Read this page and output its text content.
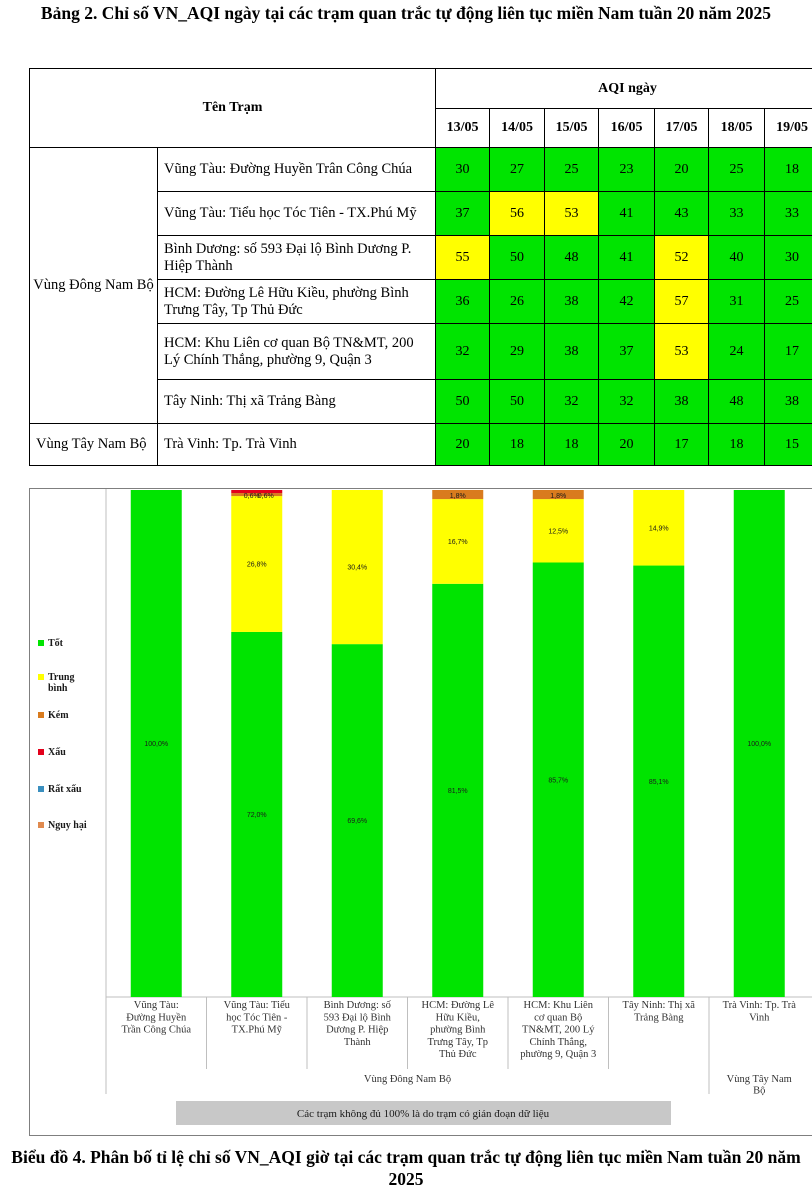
Bảng 2. Chỉ số VN_AQI ngày tại các trạm quan trắc tự động liên tục miền Nam tuần 20 năm 2025
Tên Trạm		AQI ngày						
		13/05	14/05	15/05	16/05	17/05	18/05	19/05
Vùng Đông Nam Bộ	Vũng Tàu: Đường Huyền Trân Công Chúa	30	27	25	23	20	25	18
	Vũng Tàu: Tiểu học Tóc Tiên - TX.Phú Mỹ	37	56	53	41	43	33	33
	Bình Dương: số 593 Đại lộ Bình Dương P. Hiệp Thành	55	50	48	41	52	40	30
	HCM: Đường Lê Hữu Kiều, phường Bình Trưng Tây, Tp Thủ Đức	36	26	38	42	57	31	25
	HCM: Khu Liên cơ quan Bộ TN&MT, 200 Lý Chính Thắng, phường 9, Quận 3	32	29	38	37	53	24	17
	Tây Ninh: Thị xã Trảng Bàng	50	50	32	32	38	48	38
Vùng Tây Nam Bộ	Trà Vinh: Tp. Trà Vinh	20	18	18	20	17	18	15
100,0%
72,0%
26,8%
0,6%
0,6%
69,6%
30,4%
81,5%
16,7%
1,8%
85,7%
12,5%
1,8%
85,1%
14,9%
100,0%
Tốt
Trung
bình
Kém
Xấu
Rất xấu
Nguy hại
Vũng Tàu:
Đường Huyền
Trần Công Chúa
Vũng Tàu: Tiểu
học Tóc Tiên -
TX.Phú Mỹ
Bình Dương: số
593 Đại lộ Bình
Dương P. Hiệp
Thành
HCM: Đường Lê
Hữu Kiều,
phường Bình
Trưng Tây, Tp
Thủ Đức
HCM: Khu Liên
cơ quan Bộ
TN&MT, 200 Lý
Chính Thắng,
phường 9, Quận 3
Tây Ninh: Thị xã
Trảng Bàng
Trà Vinh: Tp. Trà
Vinh
Vùng Đông Nam Bộ	Vùng Tây Nam
Bộ
Các trạm không đủ 100% là do trạm có gián đoạn dữ liệu
Biểu đồ 4. Phân bố tỉ lệ chỉ số VN_AQI giờ tại các trạm quan trắc tự động liên tục miền Nam tuần 20 năm 2025
